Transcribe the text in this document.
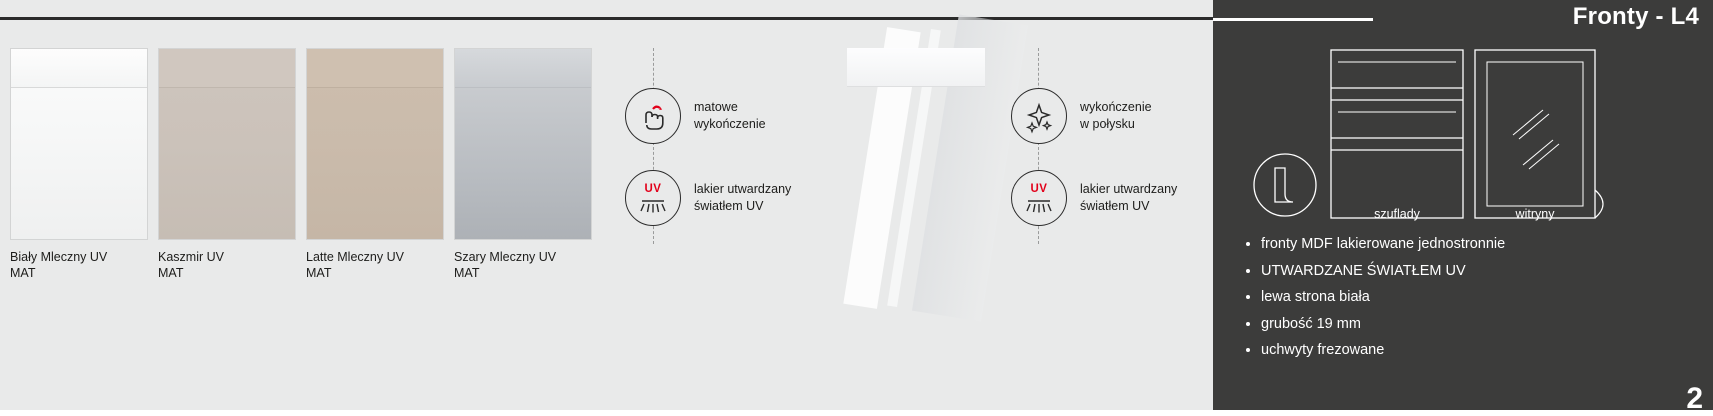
Biały Mleczny UV
MAT
Kaszmir UV
MAT
Latte Mleczny UV
MAT
Szary Mleczny UV
MAT
matowe
wykończenie
UV	lakier utwardzany
światłem UV
wykończenie
w połysku
UV	lakier utwardzany
światłem UV
Fronty - L4
szuflady	witryny
• fronty MDF lakierowane jednostronnie
• UTWARDZANE ŚWIATŁEM UV
• lewa strona biała
• grubość 19 mm
• uchwyty frezowane
2
